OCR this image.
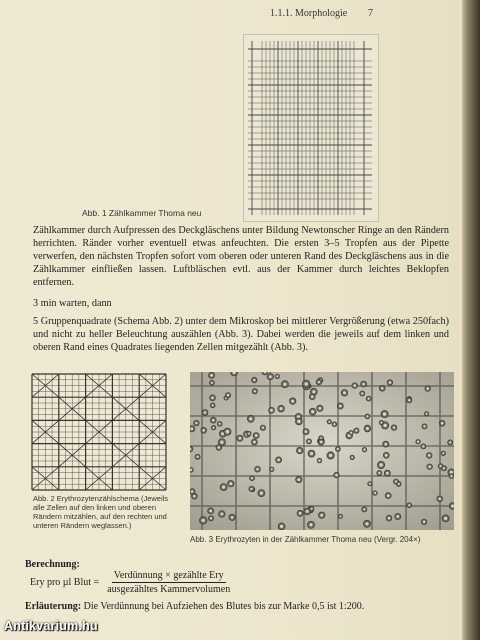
1.1.1. Morphologie 7
Abb. 1 Zählkammer Thoma neu
Zählkammer durch Aufpressen des Deckgläschens unter Bildung Newtonscher Ringe an den Rändern herrichten. Ränder vorher eventuell etwas anfeuchten. Die ersten 3–5 Tropfen aus der Pipette verwerfen, den nächsten Tropfen sofort vom oberen oder unteren Rand des Deckgläschens aus in die Zählkammer einfließen lassen. Luftbläschen evtl. aus der Kammer durch leichtes Beklopfen entfernen.
3 min warten, dann
5 Gruppenquadrate (Schema Abb. 2) unter dem Mikroskop bei mittlerer Vergrößerung (etwa 250fach) und nicht zu heller Beleuchtung auszählen (Abb. 3). Dabei werden die jeweils auf dem linken und oberen Rand eines Quadrates liegenden Zellen mitgezählt (Abb. 3).
Abb. 2 Erythrozytenzählschema (Jeweils alle Zellen auf den linken und oberen Rändern mitzählen, auf den rechten und unteren Rändern weglassen.)
Abb. 3 Erythrozyten in der Zählkammer Thoma neu (Vergr. 204×)
Berechnung:
Ery pro µl Blut = $\frac{\text{Verdünnung × gezählte Ery}}{\text{ausgezähltes Kammervolumen}}$
Erläuterung: Die Verdünnung bei Aufziehen des Blutes bis zur Marke 0,5 ist 1:200.
Antikvarium.hu
